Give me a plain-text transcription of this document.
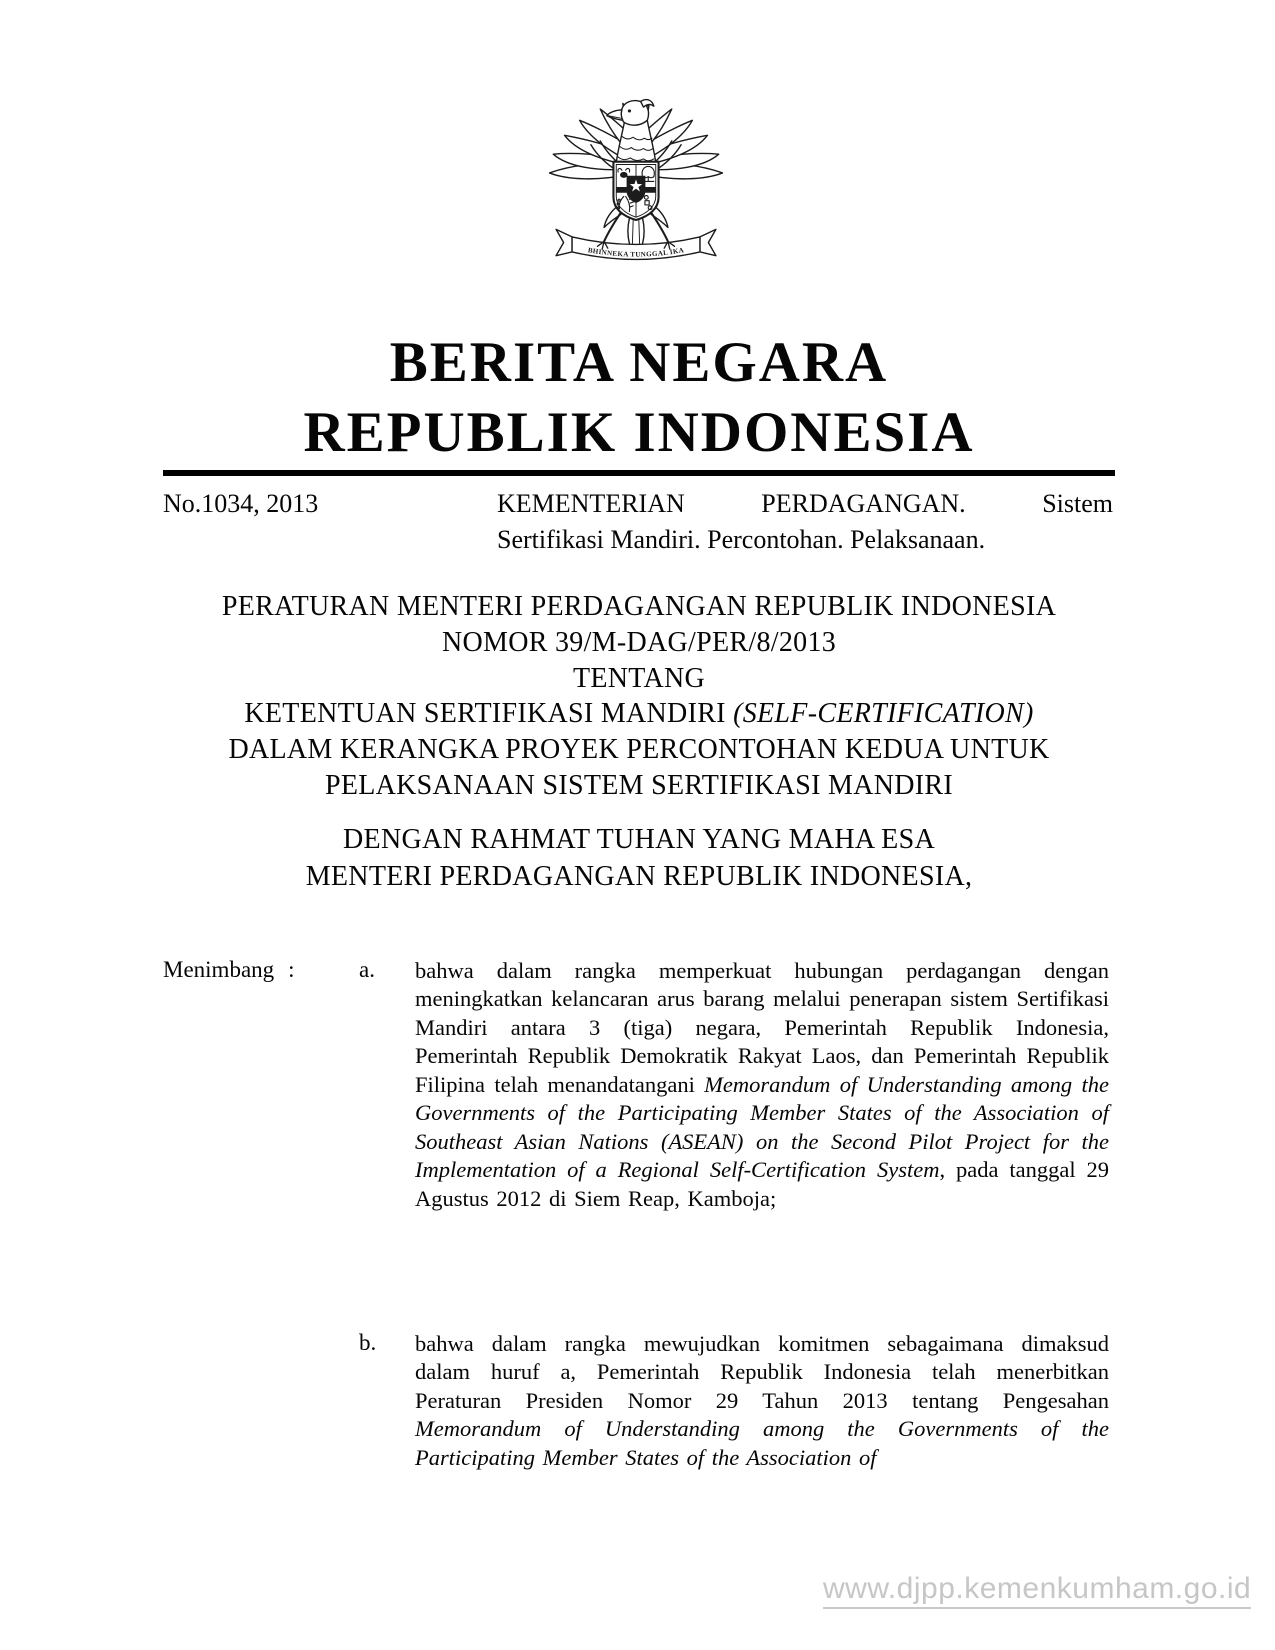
BHINNEKA TUNGGAL IKA
BERITA NEGARA
REPUBLIK INDONESIA
No.1034, 2013	KEMENTERIAN PERDAGANGAN. Sistem
Sertifikasi Mandiri. Percontohan. Pelaksanaan.
PERATURAN MENTERI PERDAGANGAN REPUBLIK INDONESIA
NOMOR 39/M-DAG/PER/8/2013
TENTANG
KETENTUAN SERTIFIKASI MANDIRI (SELF-CERTIFICATION)
DALAM KERANGKA PROYEK PERCONTOHAN KEDUA UNTUK
PELAKSANAAN SISTEM SERTIFIKASI MANDIRI
DENGAN RAHMAT TUHAN YANG MAHA ESA
MENTERI PERDAGANGAN REPUBLIK INDONESIA,
Menimbang :	a. bahwa dalam rangka memperkuat hubungan perdagangan dengan meningkatkan kelancaran arus barang melalui penerapan sistem Sertifikasi Mandiri antara 3 (tiga) negara, Pemerintah Republik Indonesia, Pemerintah Republik Demokratik Rakyat Laos, dan Pemerintah Republik Filipina telah menandatangani Memorandum of Understanding among the Governments of the Participating Member States of the Association of Southeast Asian Nations (ASEAN) on the Second Pilot Project for the Implementation of a Regional Self-Certification System, pada tanggal 29 Agustus 2012 di Siem Reap, Kamboja;
b. bahwa dalam rangka mewujudkan komitmen sebagaimana dimaksud dalam huruf a, Pemerintah Republik Indonesia telah menerbitkan Peraturan Presiden Nomor 29 Tahun 2013 tentang Pengesahan Memorandum of Understanding among the Governments of the Participating Member States of the Association of
www.djpp.kemenkumham.go.id
